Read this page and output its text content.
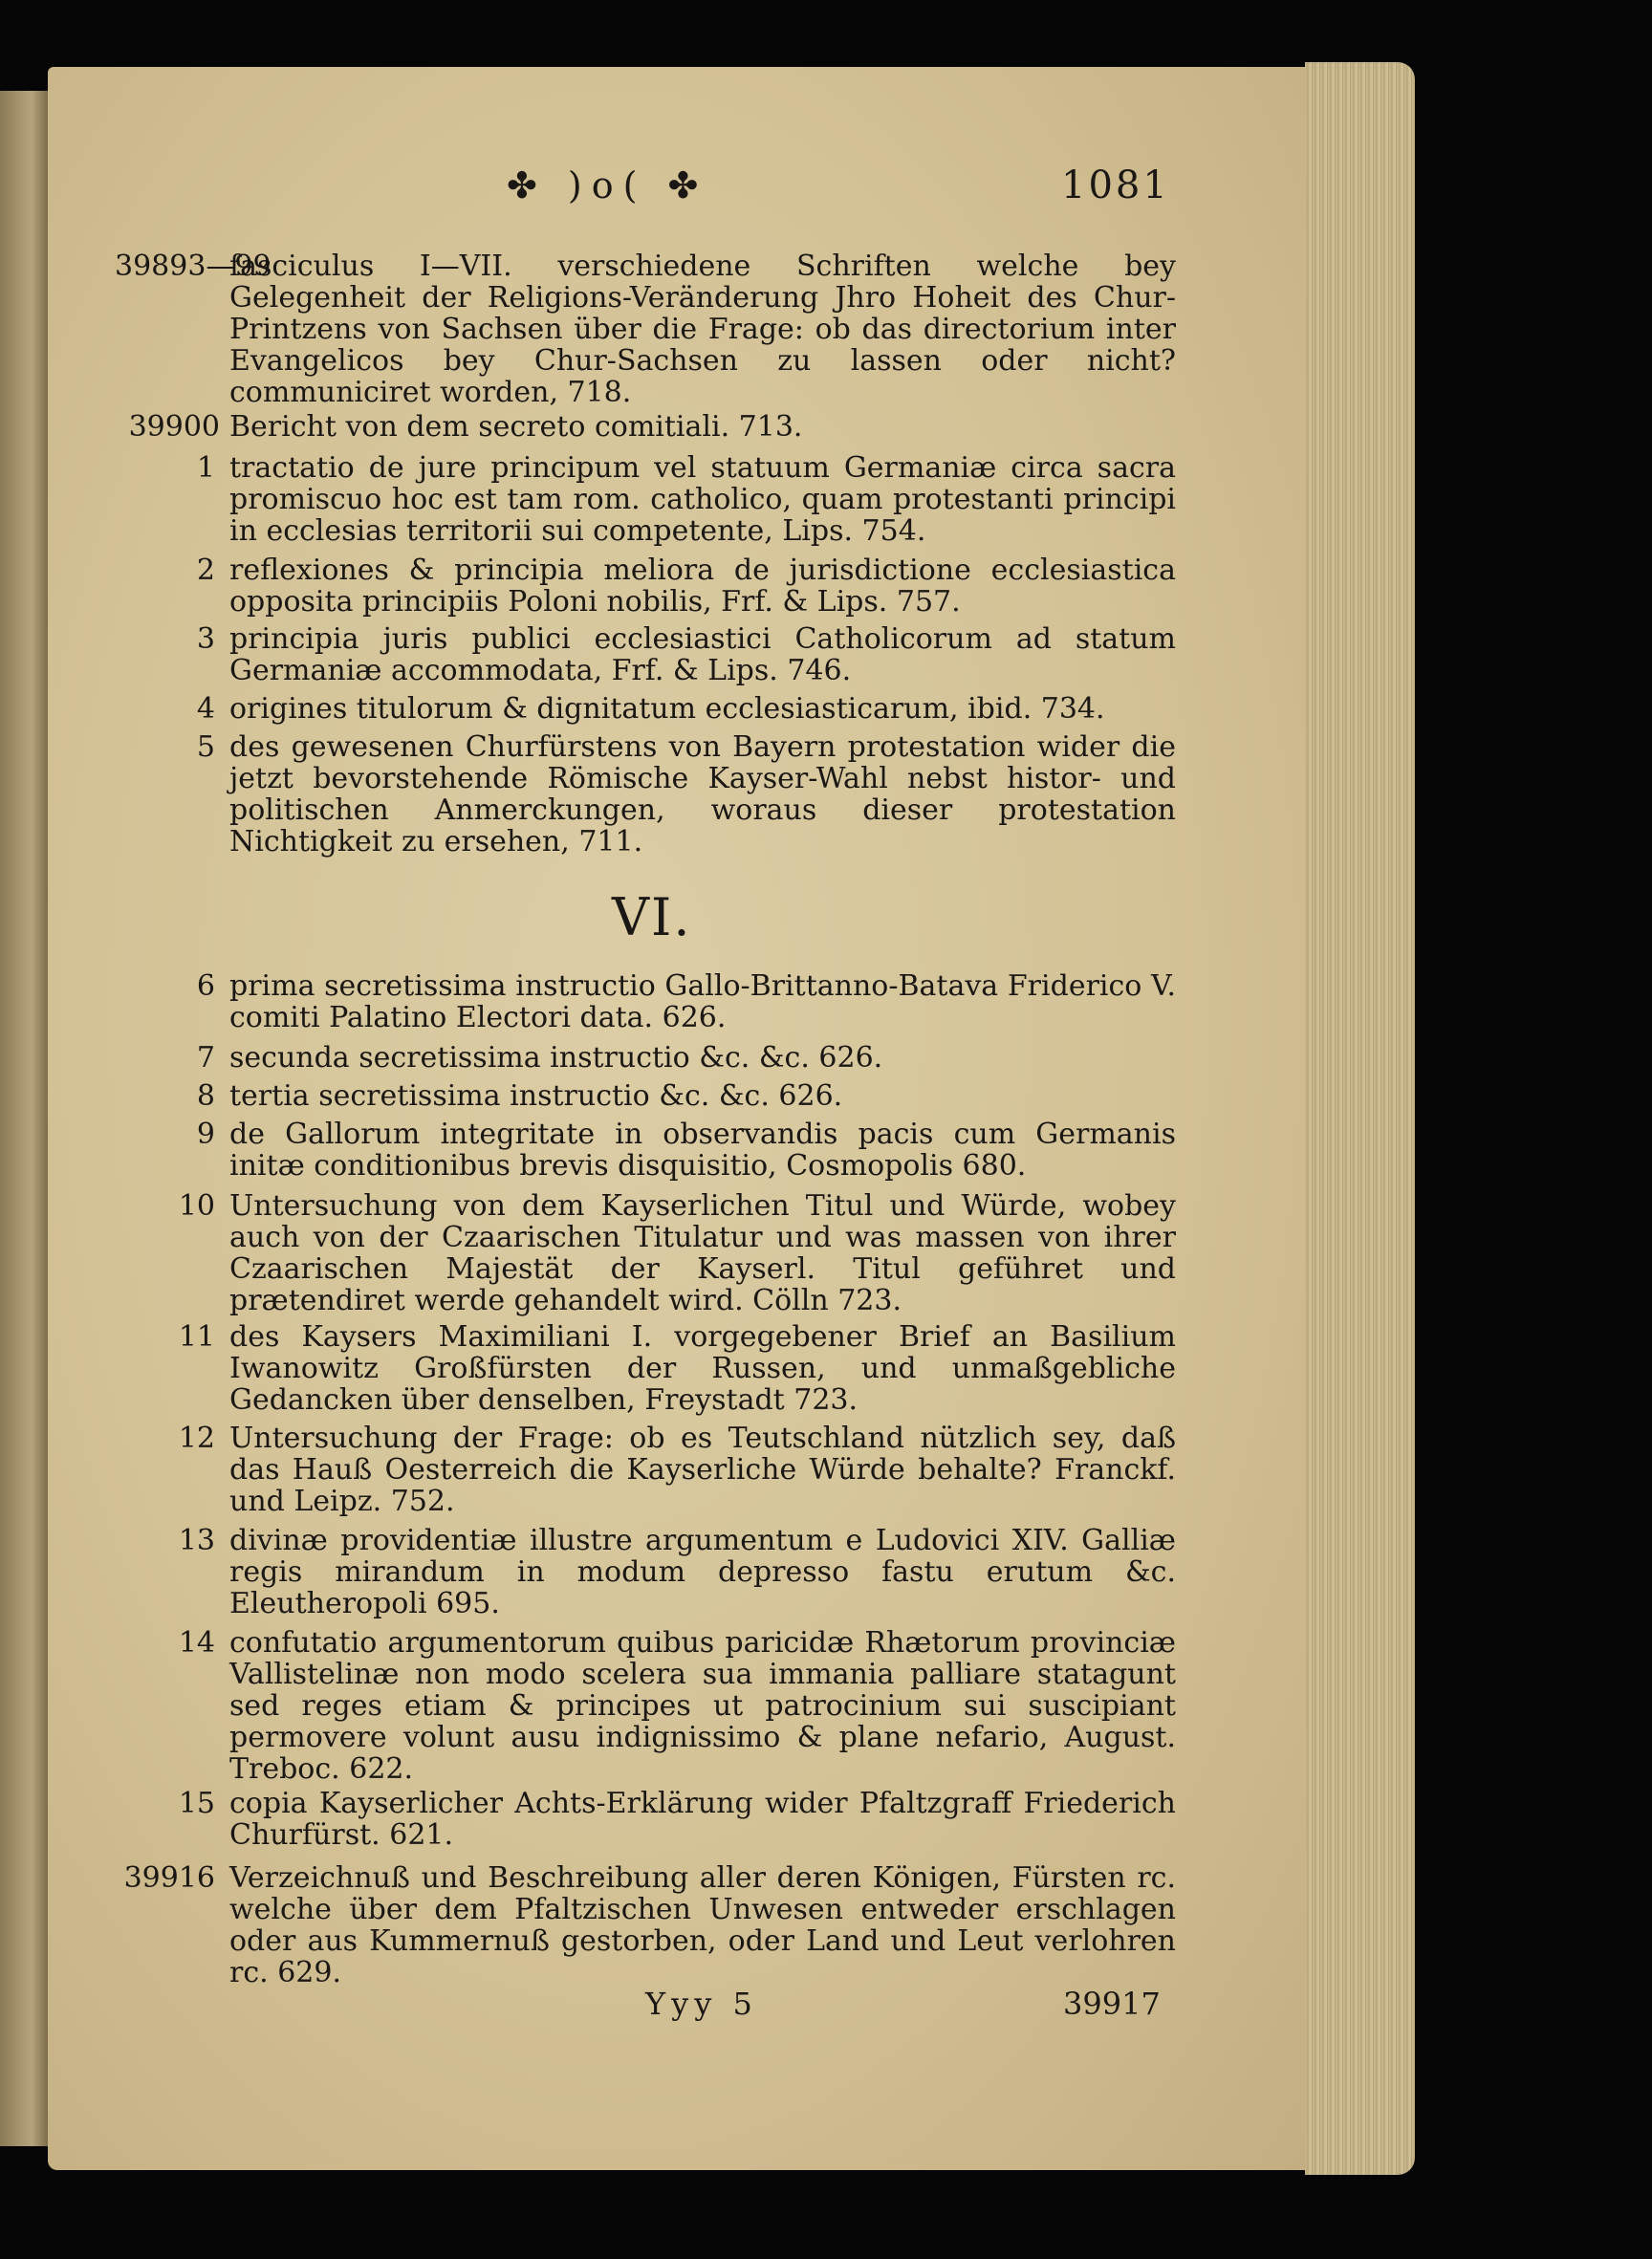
✤ )o( ✤	1081
39893—99
fasciculus I—VII. verschiedene Schriften welche bey Gelegenheit der Religions-Veränderung Jhro Hoheit des Chur-Printzens von Sachsen über die Frage: ob das directorium inter Evangelicos bey Chur-Sachsen zu lassen oder nicht? communiciret worden, 718.
39900 Bericht von dem secreto comitiali. 713.
1 tractatio de jure principum vel statuum Germaniæ circa sacra promiscuo hoc est tam rom. catholico, quam protestanti principi in ecclesias territorii sui competente, Lips. 754.
2 reflexiones & principia meliora de jurisdictione ecclesiastica opposita principiis Poloni nobilis, Frf. & Lips. 757.
3 principia juris publici ecclesiastici Catholicorum ad statum Germaniæ accommodata, Frf. & Lips. 746.
4 origines titulorum & dignitatum ecclesiasticarum, ibid. 734.
5 des gewesenen Churfürstens von Bayern protestation wider die jetzt bevorstehende Römische Kayser-Wahl nebst histor- und politischen Anmerckungen, woraus dieser protestation Nichtigkeit zu ersehen, 711.
VI.
6 prima secretissima instructio Gallo-Brittanno-Batava Friderico V. comiti Palatino Electori data. 626.
7 secunda secretissima instructio &c. &c. 626.
8 tertia secretissima instructio &c. &c. 626.
9 de Gallorum integritate in observandis pacis cum Germanis initæ conditionibus brevis disquisitio, Cosmopolis 680.
10 Untersuchung von dem Kayserlichen Titul und Würde, wobey auch von der Czaarischen Titulatur und was massen von ihrer Czaarischen Majestät der Kayserl. Titul geführet und prætendiret werde gehandelt wird. Cölln 723.
11 des Kaysers Maximiliani I. vorgegebener Brief an Basilium Iwanowitz Großfürsten der Russen, und unmaßgebliche Gedancken über denselben, Freystadt 723.
12 Untersuchung der Frage: ob es Teutschland nützlich sey, daß das Hauß Oesterreich die Kayserliche Würde behalte? Franckf. und Leipz. 752.
13 divinæ providentiæ illustre argumentum e Ludovici XIV. Galliæ regis mirandum in modum depresso fastu erutum &c. Eleutheropoli 695.
14 confutatio argumentorum quibus paricidæ Rhætorum provinciæ Vallistelinæ non modo scelera sua immania palliare statagunt sed reges etiam & principes ut patrocinium sui suscipiant permovere volunt ausu indignissimo & plane nefario, August. Treboc. 622.
15 copia Kayserlicher Achts-Erklärung wider Pfaltzgraff Friederich Churfürst. 621.
39916 Verzeichnuß und Beschreibung aller deren Königen, Fürsten rc. welche über dem Pfaltzischen Unwesen entweder erschlagen oder aus Kummernuß gestorben, oder Land und Leut verlohren rc. 629.
Yyy 5	39917
